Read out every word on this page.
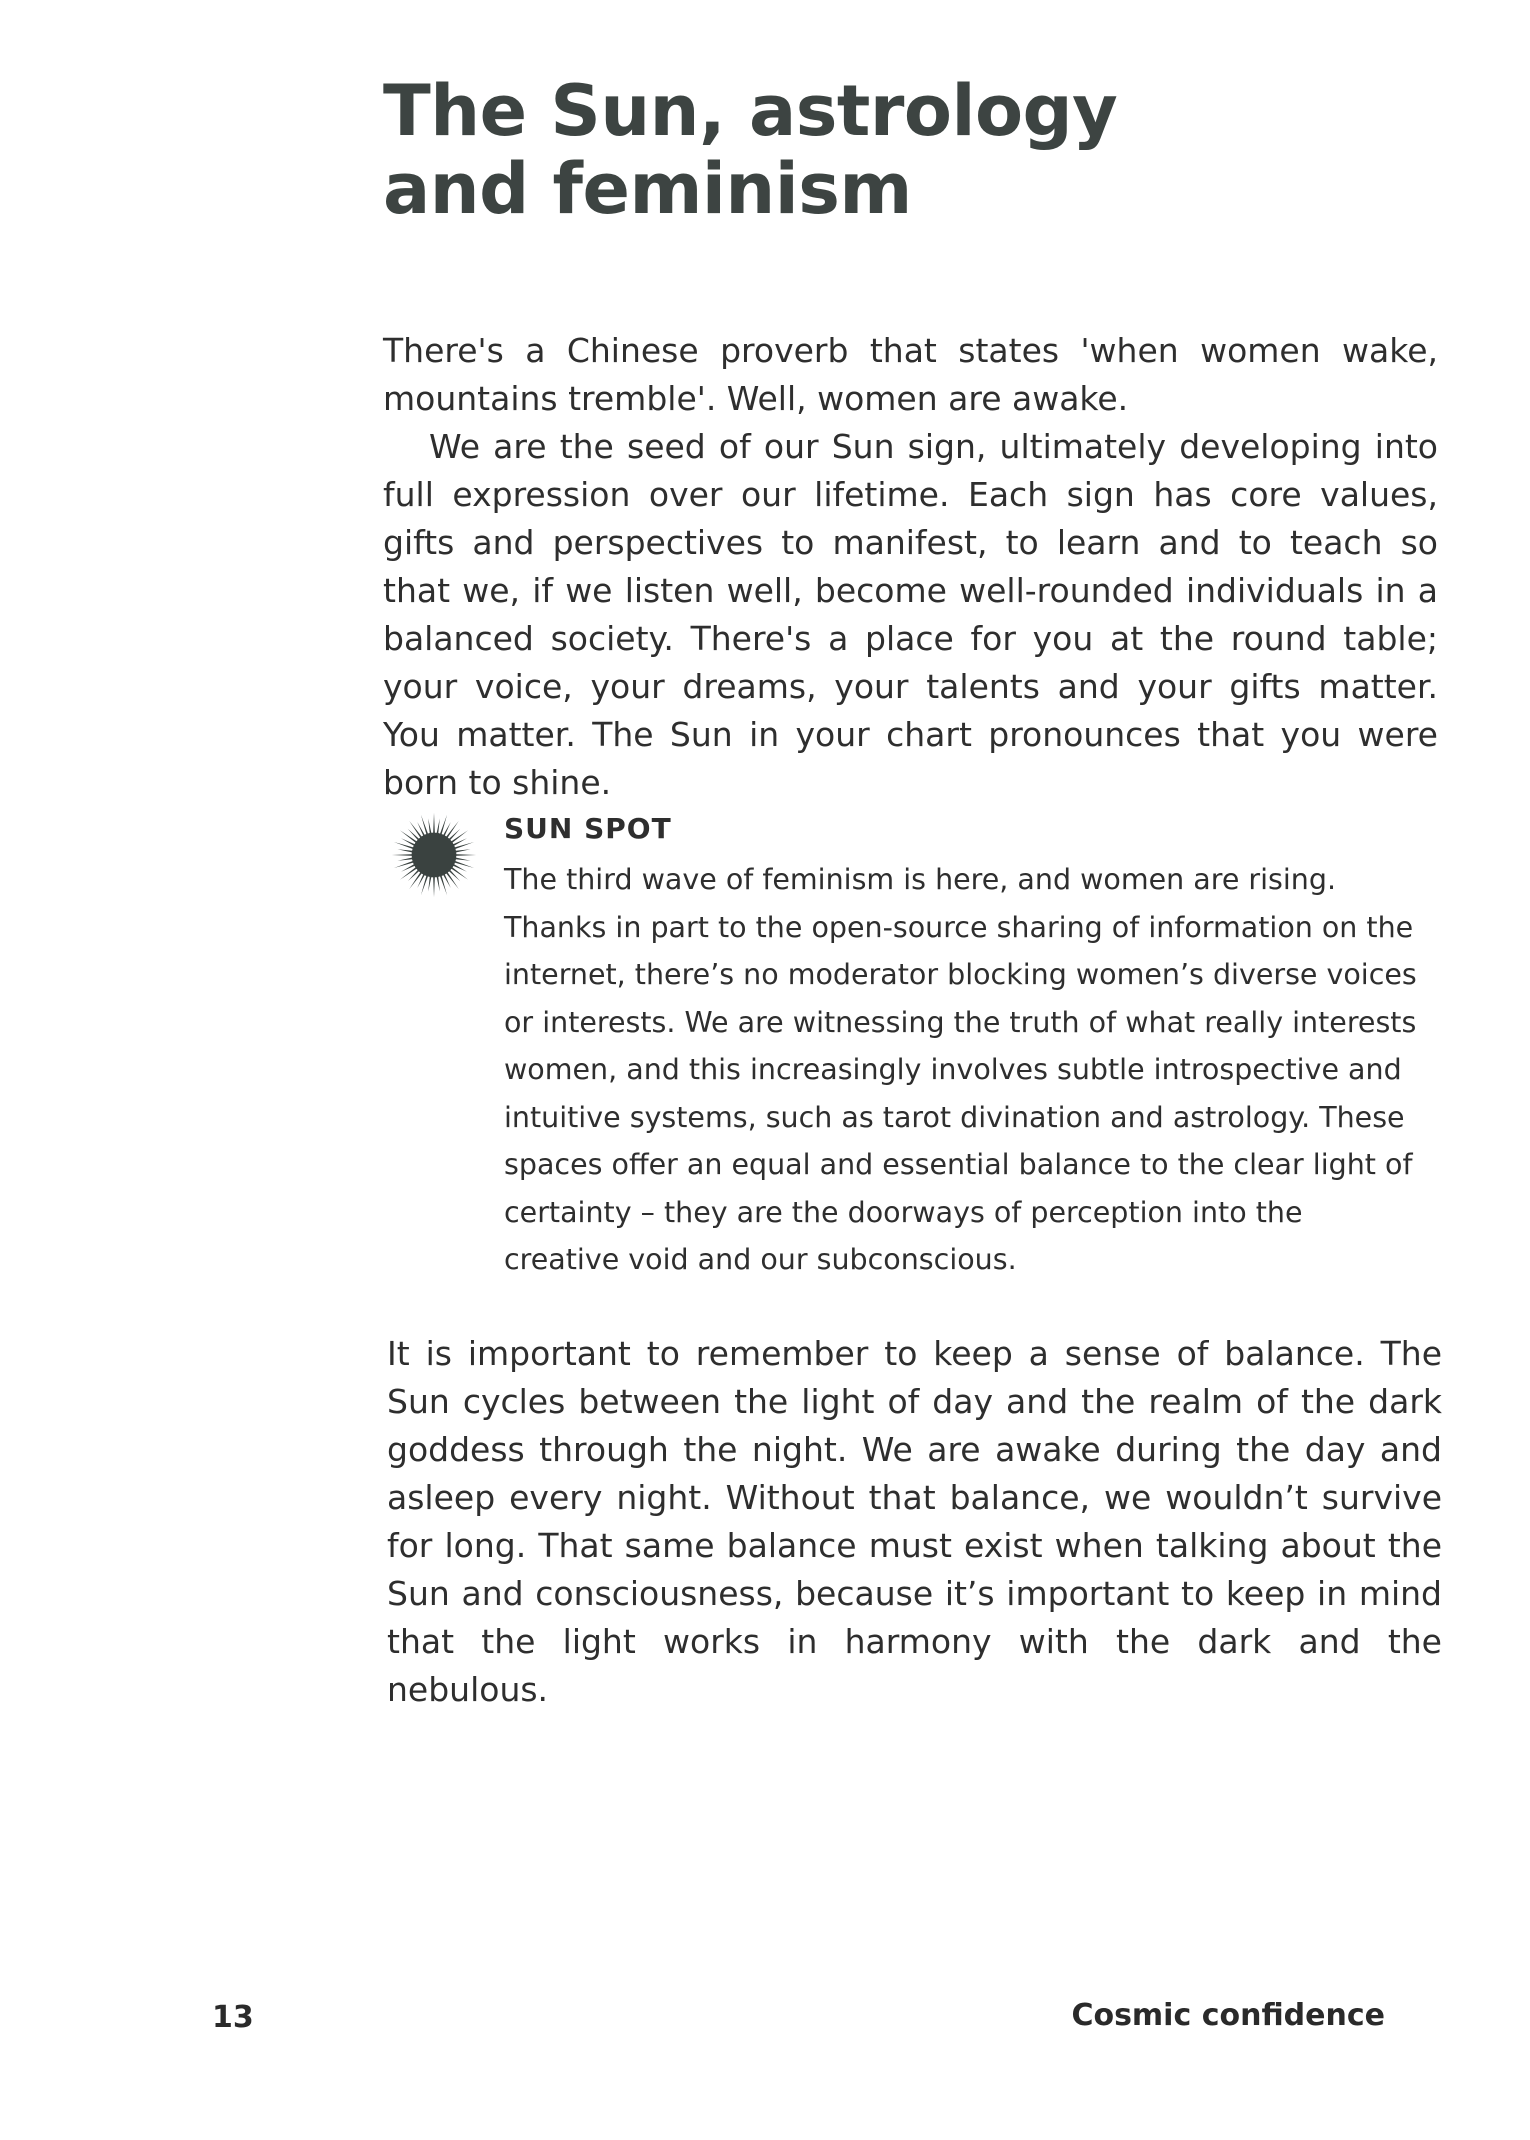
The Sun, astrology and feminism

There's a Chinese proverb that states 'when women wake, mountains tremble'. Well, women are awake.

We are the seed of our Sun sign, ultimately developing into full expression over our lifetime. Each sign has core values, gifts and perspectives to manifest, to learn and to teach so that we, if we listen well, become well-rounded individuals in a balanced society. There's a place for you at the round table; your voice, your dreams, your talents and your gifts matter. You matter. The Sun in your chart pronounces that you were born to shine.

SUN SPOT

The third wave of feminism is here, and women are rising. Thanks in part to the open-source sharing of information on the internet, there’s no moderator blocking women’s diverse voices or interests. We are witnessing the truth of what really interests women, and this increasingly involves subtle introspective and intuitive systems, such as tarot divination and astrology. These spaces offer an equal and essential balance to the clear light of certainty – they are the doorways of perception into the creative void and our subconscious.

It is important to remember to keep a sense of balance. The Sun cycles between the light of day and the realm of the dark goddess through the night. We are awake during the day and asleep every night. Without that balance, we wouldn’t survive for long. That same balance must exist when talking about the Sun and consciousness, because it’s important to keep in mind that the light works in harmony with the dark and the nebulous.

13	Cosmic confidence
